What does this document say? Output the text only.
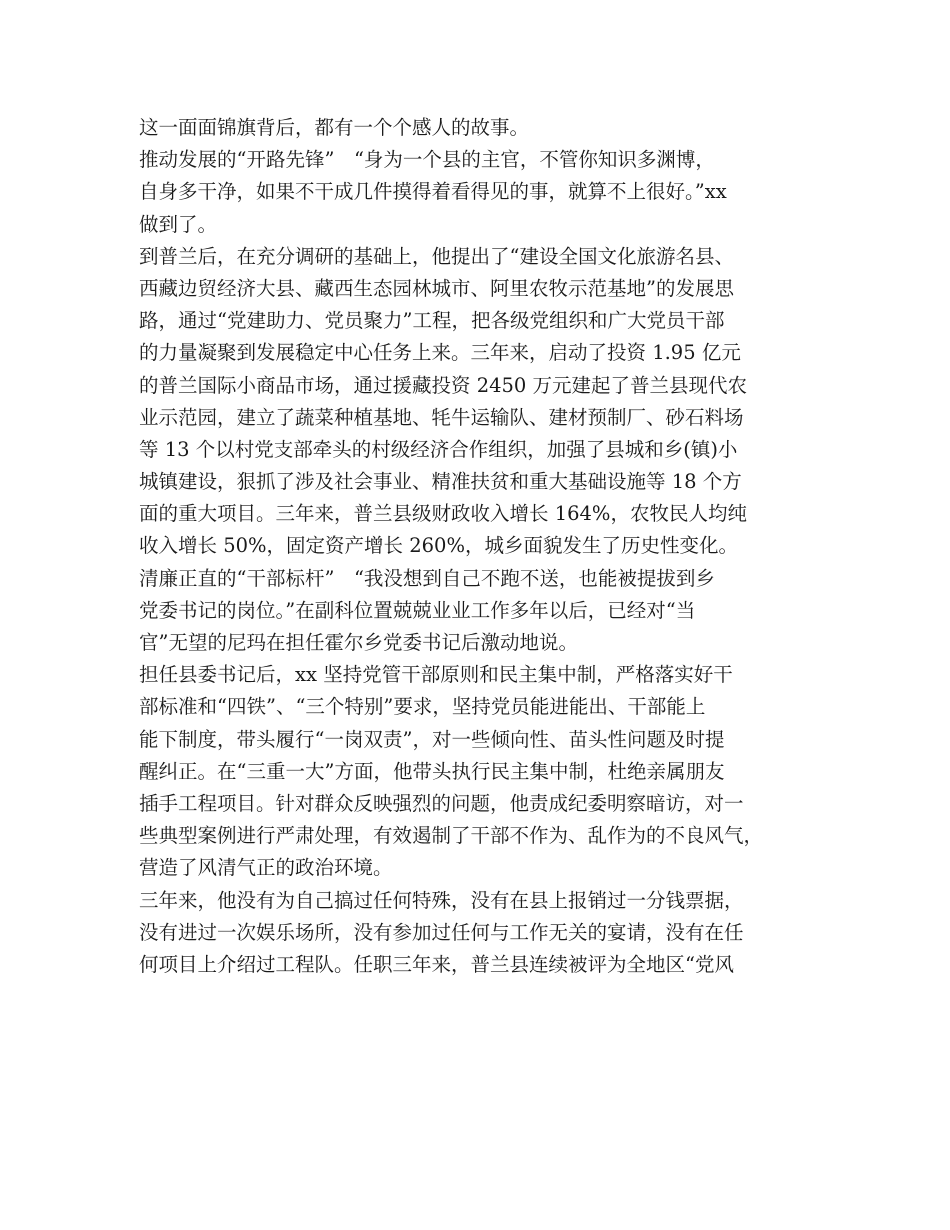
这一面面锦旗背后，都有一个个感人的故事。
推动发展的“开路先锋”　“身为一个县的主官，不管你知识多渊博，
自身多干净，如果不干成几件摸得着看得见的事，就算不上很好。”xx
做到了。
到普兰后，在充分调研的基础上，他提出了“建设全国文化旅游名县、
西藏边贸经济大县、藏西生态园林城市、阿里农牧示范基地”的发展思
路，通过“党建助力、党员聚力”工程，把各级党组织和广大党员干部
的力量凝聚到发展稳定中心任务上来。三年来，启动了投资 1.95 亿元
的普兰国际小商品市场，通过援藏投资 2450 万元建起了普兰县现代农
业示范园，建立了蔬菜种植基地、牦牛运输队、建材预制厂、砂石料场
等 13 个以村党支部牵头的村级经济合作组织，加强了县城和乡(镇)小
城镇建设，狠抓了涉及社会事业、精准扶贫和重大基础设施等 18 个方
面的重大项目。三年来，普兰县级财政收入增长 164%，农牧民人均纯
收入增长 50%，固定资产增长 260%，城乡面貌发生了历史性变化。
清廉正直的“干部标杆”　“我没想到自己不跑不送，也能被提拔到乡
党委书记的岗位。”在副科位置兢兢业业工作多年以后，已经对“当
官”无望的尼玛在担任霍尔乡党委书记后激动地说。
担任县委书记后，xx 坚持党管干部原则和民主集中制，严格落实好干
部标准和“四铁”、“三个特别”要求，坚持党员能进能出、干部能上
能下制度，带头履行“一岗双责”，对一些倾向性、苗头性问题及时提
醒纠正。在“三重一大”方面，他带头执行民主集中制，杜绝亲属朋友
插手工程项目。针对群众反映强烈的问题，他责成纪委明察暗访，对一
些典型案例进行严肃处理，有效遏制了干部不作为、乱作为的不良风气，
营造了风清气正的政治环境。
三年来，他没有为自己搞过任何特殊，没有在县上报销过一分钱票据，
没有进过一次娱乐场所，没有参加过任何与工作无关的宴请，没有在任
何项目上介绍过工程队。任职三年来，普兰县连续被评为全地区“党风
